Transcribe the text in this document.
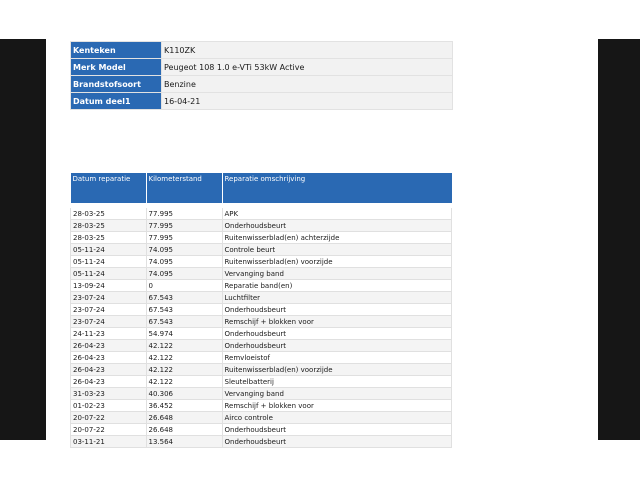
Kenteken	K110ZK
Merk Model	Peugeot 108 1.0 e-VTi 53kW Active
Brandstofsoort	Benzine
Datum deel1	16-04-21
Datum reparatie	Kilometerstand	Reparatie omschrijving

28-03-25	77.995	APK
28-03-25	77.995	Onderhoudsbeurt
28-03-25	77.995	Ruitenwisserblad(en) achterzijde
05-11-24	74.095	Controle beurt
05-11-24	74.095	Ruitenwisserblad(en) voorzijde
05-11-24	74.095	Vervanging band
13-09-24	0	Reparatie band(en)
23-07-24	67.543	Luchtfilter
23-07-24	67.543	Onderhoudsbeurt
23-07-24	67.543	Remschijf + blokken voor
24-11-23	54.974	Onderhoudsbeurt
26-04-23	42.122	Onderhoudsbeurt
26-04-23	42.122	Remvloeistof
26-04-23	42.122	Ruitenwisserblad(en) voorzijde
26-04-23	42.122	Sleutelbatterij
31-03-23	40.306	Vervanging band
01-02-23	36.452	Remschijf + blokken voor
20-07-22	26.648	Airco controle
20-07-22	26.648	Onderhoudsbeurt
03-11-21	13.564	Onderhoudsbeurt
